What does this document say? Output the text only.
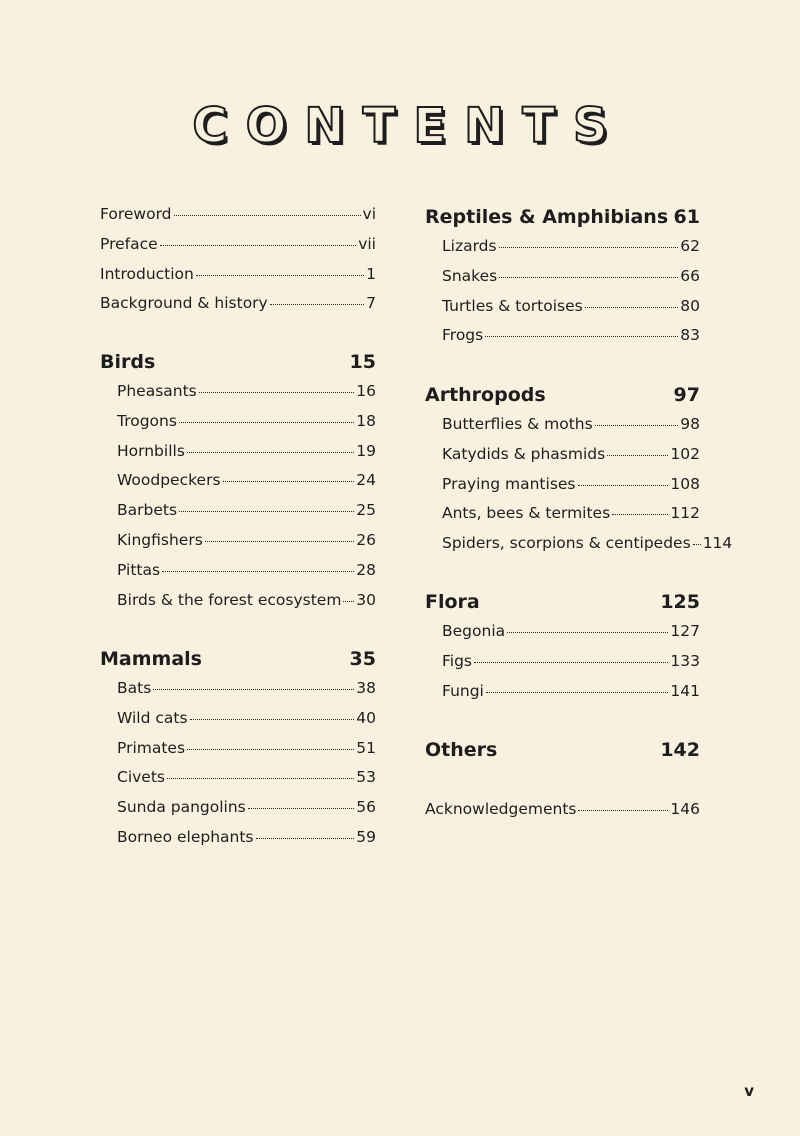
CONTENTS
Foreword	vi
Preface	vii
Introduction	1
Background & history	7
Birds	15
Pheasants	16
Trogons	18
Hornbills	19
Woodpeckers	24
Barbets	25
Kingfishers	26
Pittas	28
Birds & the forest ecosystem 30
Mammals	35
Bats	38
Wild cats	40
Primates	51
Civets	53
Sunda pangolins	56
Borneo elephants	59
Reptiles & Amphibians 61
Lizards	62
Snakes	66
Turtles & tortoises	80
Frogs	83
Arthropods	97
Butterflies & moths	98
Katydids & phasmids	102
Praying mantises	108
Ants, bees & termites	112
Spiders, scorpions & centipedes 114
Flora	125
Begonia	127
Figs	133
Fungi	141
Others	142
Acknowledgements	146
v
